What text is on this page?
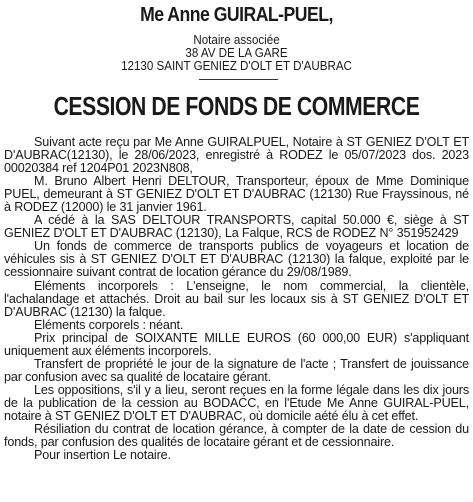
Me Anne GUIRAL-PUEL,
Notaire associée
38 AV DE LA GARE
12130 SAINT GENIEZ D'OLT ET D'AUBRAC
CESSION DE FONDS DE COMMERCE

Suivant acte reçu par Me Anne GUIRALPUEL, Notaire à ST GENIEZ D'OLT ET D'AUBRAC(12130), le 28/06/2023, enregistré à RODEZ le 05/07/2023 dos. 2023 00020384 ref 1204P01 2023N808,

M. Bruno Albert Henri DELTOUR, Transporteur, époux de Mme Dominique PUEL, demeurant à ST GENIEZ D'OLT ET D'AUBRAC (12130) Rue Frayssinous, né à RODEZ (12000) le 31 janvier 1961.

A cédé à la SAS DELTOUR TRANSPORTS, capital 50.000 €, siège à ST GENIEZ D'OLT ET D'AUBRAC (12130), La Falque, RCS de RODEZ N° 351952429

Un fonds de commerce de transports publics de voyageurs et location de véhicules sis à ST GENIEZ D'OLT ET D'AUBRAC (12130) la falque, exploité par le cessionnaire suivant contrat de location gérance du 29/08/1989.

Eléments incorporels : L'enseigne, le nom commercial, la clientèle, l'achalandage et attachés. Droit au bail sur les locaux sis à ST GENIEZ D'OLT ET D'AUBRAC (12130) la falque.

Eléments corporels : néant.

Prix principal de SOIXANTE MILLE EUROS (60 000,00 EUR) s'appliquant uniquement aux éléments incorporels.

Transfert de propriété le jour de la signature de l'acte ; Transfert de jouissance par confusion avec sa qualité de locataire gérant.

Les oppositions, s'il y a lieu, seront reçues en la forme légale dans les dix jours de la publication de la cession au BODACC, en l'Etude Me Anne GUIRAL-PUEL, notaire à ST GENIEZ D'OLT ET D'AUBRAC, où domicile aété élu à cet effet.

Résiliation du contrat de location gérance, à compter de la date de cession du fonds, par confusion des qualités de locataire gérant et de cessionnaire.

Pour insertion Le notaire.
